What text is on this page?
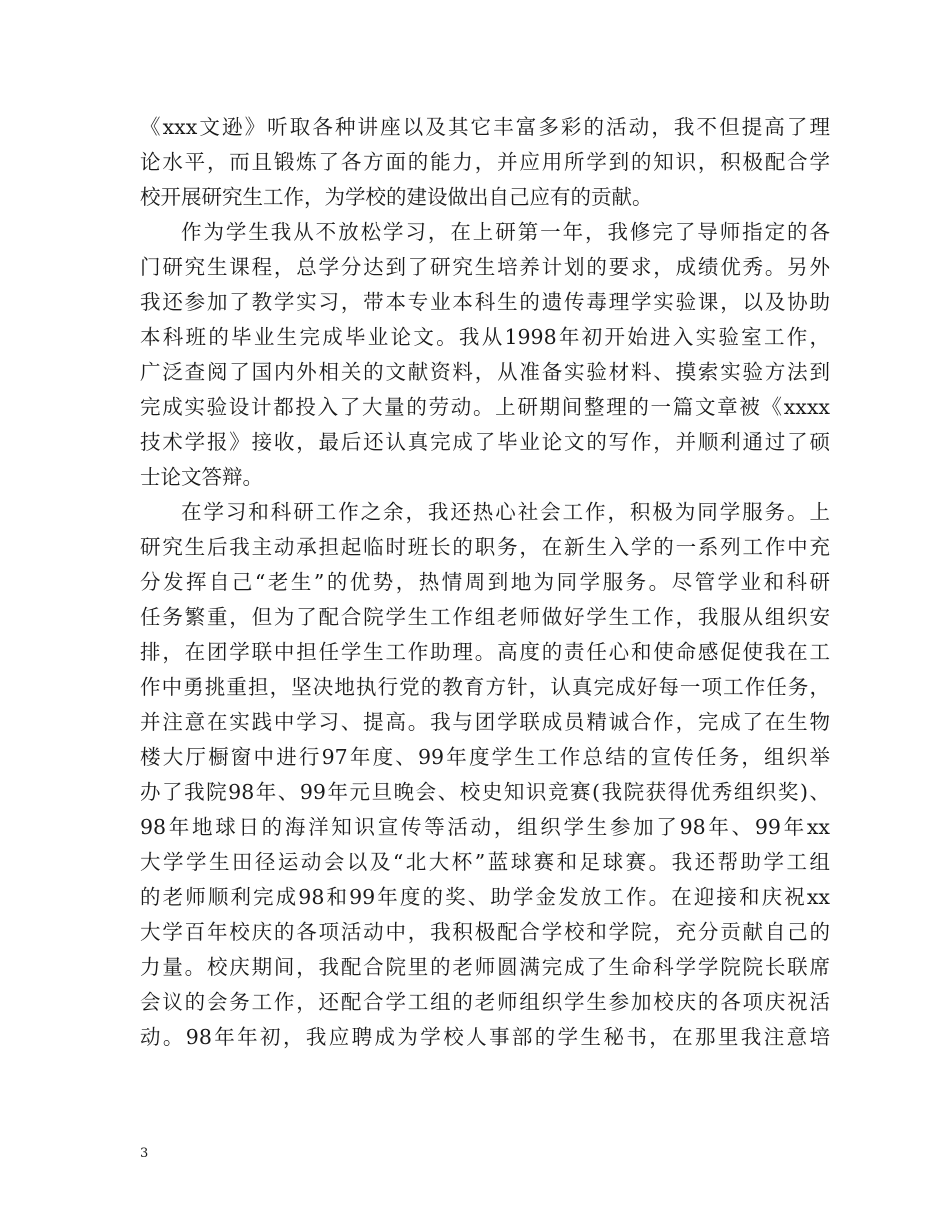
《xxx文逊》听取各种讲座以及其它丰富多彩的活动，我不但提高了理
论水平，而且锻炼了各方面的能力，并应用所学到的知识，积极配合学
校开展研究生工作，为学校的建设做出自己应有的贡献。
作为学生我从不放松学习，在上研第一年，我修完了导师指定的各
门研究生课程，总学分达到了研究生培养计划的要求，成绩优秀。另外
我还参加了教学实习，带本专业本科生的遗传毒理学实验课，以及协助
本科班的毕业生完成毕业论文。我从1998年初开始进入实验室工作，
广泛查阅了国内外相关的文献资料，从准备实验材料、摸索实验方法到
完成实验设计都投入了大量的劳动。上研期间整理的一篇文章被《xxxx
技术学报》接收，最后还认真完成了毕业论文的写作，并顺利通过了硕
士论文答辩。
在学习和科研工作之余，我还热心社会工作，积极为同学服务。上
研究生后我主动承担起临时班长的职务，在新生入学的一系列工作中充
分发挥自己“老生”的优势，热情周到地为同学服务。尽管学业和科研
任务繁重，但为了配合院学生工作组老师做好学生工作，我服从组织安
排，在团学联中担任学生工作助理。高度的责任心和使命感促使我在工
作中勇挑重担，坚决地执行党的教育方针，认真完成好每一项工作任务，
并注意在实践中学习、提高。我与团学联成员精诚合作，完成了在生物
楼大厅橱窗中进行97年度、99年度学生工作总结的宣传任务，组织举
办了我院98年、99年元旦晚会、校史知识竞赛(我院获得优秀组织奖)、
98年地球日的海洋知识宣传等活动，组织学生参加了98年、99年xx
大学学生田径运动会以及“北大杯”蓝球赛和足球赛。我还帮助学工组
的老师顺利完成98和99年度的奖、助学金发放工作。在迎接和庆祝xx
大学百年校庆的各项活动中，我积极配合学校和学院，充分贡献自己的
力量。校庆期间，我配合院里的老师圆满完成了生命科学学院院长联席
会议的会务工作，还配合学工组的老师组织学生参加校庆的各项庆祝活
动。98年年初，我应聘成为学校人事部的学生秘书，在那里我注意培
3
